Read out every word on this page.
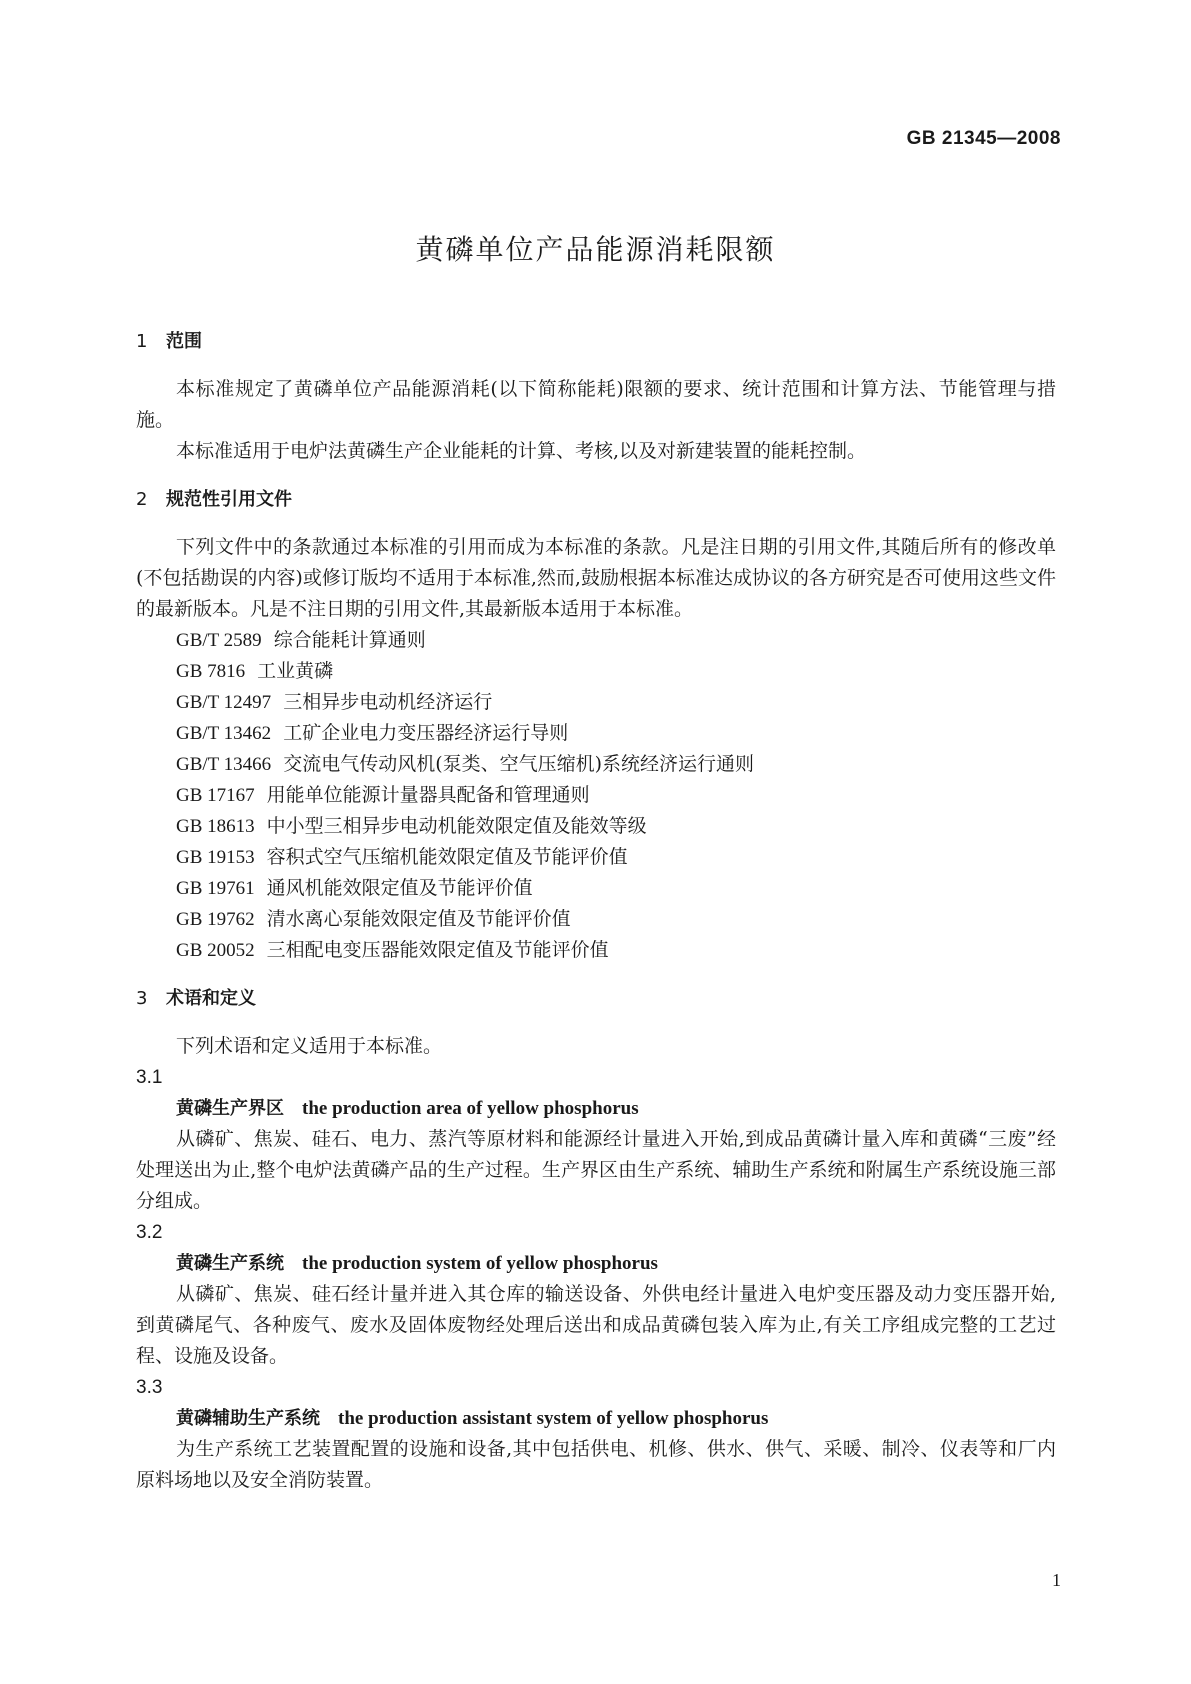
GB 21345—2008
黄磷单位产品能源消耗限额
1 范围

本标准规定了黄磷单位产品能源消耗(以下简称能耗)限额的要求、统计范围和计算方法、节能管理与措施。

本标准适用于电炉法黄磷生产企业能耗的计算、考核,以及对新建装置的能耗控制。

2 规范性引用文件

下列文件中的条款通过本标准的引用而成为本标准的条款。凡是注日期的引用文件,其随后所有的修改单(不包括勘误的内容)或修订版均不适用于本标准,然而,鼓励根据本标准达成协议的各方研究是否可使用这些文件的最新版本。凡是不注日期的引用文件,其最新版本适用于本标准。

GB/T 2589 综合能耗计算通则
GB 7816 工业黄磷
GB/T 12497 三相异步电动机经济运行
GB/T 13462 工矿企业电力变压器经济运行导则
GB/T 13466 交流电气传动风机(泵类、空气压缩机)系统经济运行通则
GB 17167 用能单位能源计量器具配备和管理通则
GB 18613 中小型三相异步电动机能效限定值及能效等级
GB 19153 容积式空气压缩机能效限定值及节能评价值
GB 19761 通风机能效限定值及节能评价值
GB 19762 清水离心泵能效限定值及节能评价值
GB 20052 三相配电变压器能效限定值及节能评价值
3 术语和定义

下列术语和定义适用于本标准。

3.1
黄磷生产界区 the production area of yellow phosphorus

从磷矿、焦炭、硅石、电力、蒸汽等原材料和能源经计量进入开始,到成品黄磷计量入库和黄磷“三废”经处理送出为止,整个电炉法黄磷产品的生产过程。生产界区由生产系统、辅助生产系统和附属生产系统设施三部分组成。

3.2
黄磷生产系统 the production system of yellow phosphorus

从磷矿、焦炭、硅石经计量并进入其仓库的输送设备、外供电经计量进入电炉变压器及动力变压器开始,到黄磷尾气、各种废气、废水及固体废物经处理后送出和成品黄磷包装入库为止,有关工序组成完整的工艺过程、设施及设备。

3.3
黄磷辅助生产系统 the production assistant system of yellow phosphorus

为生产系统工艺装置配置的设施和设备,其中包括供电、机修、供水、供气、采暖、制冷、仪表等和厂内原料场地以及安全消防装置。

1
